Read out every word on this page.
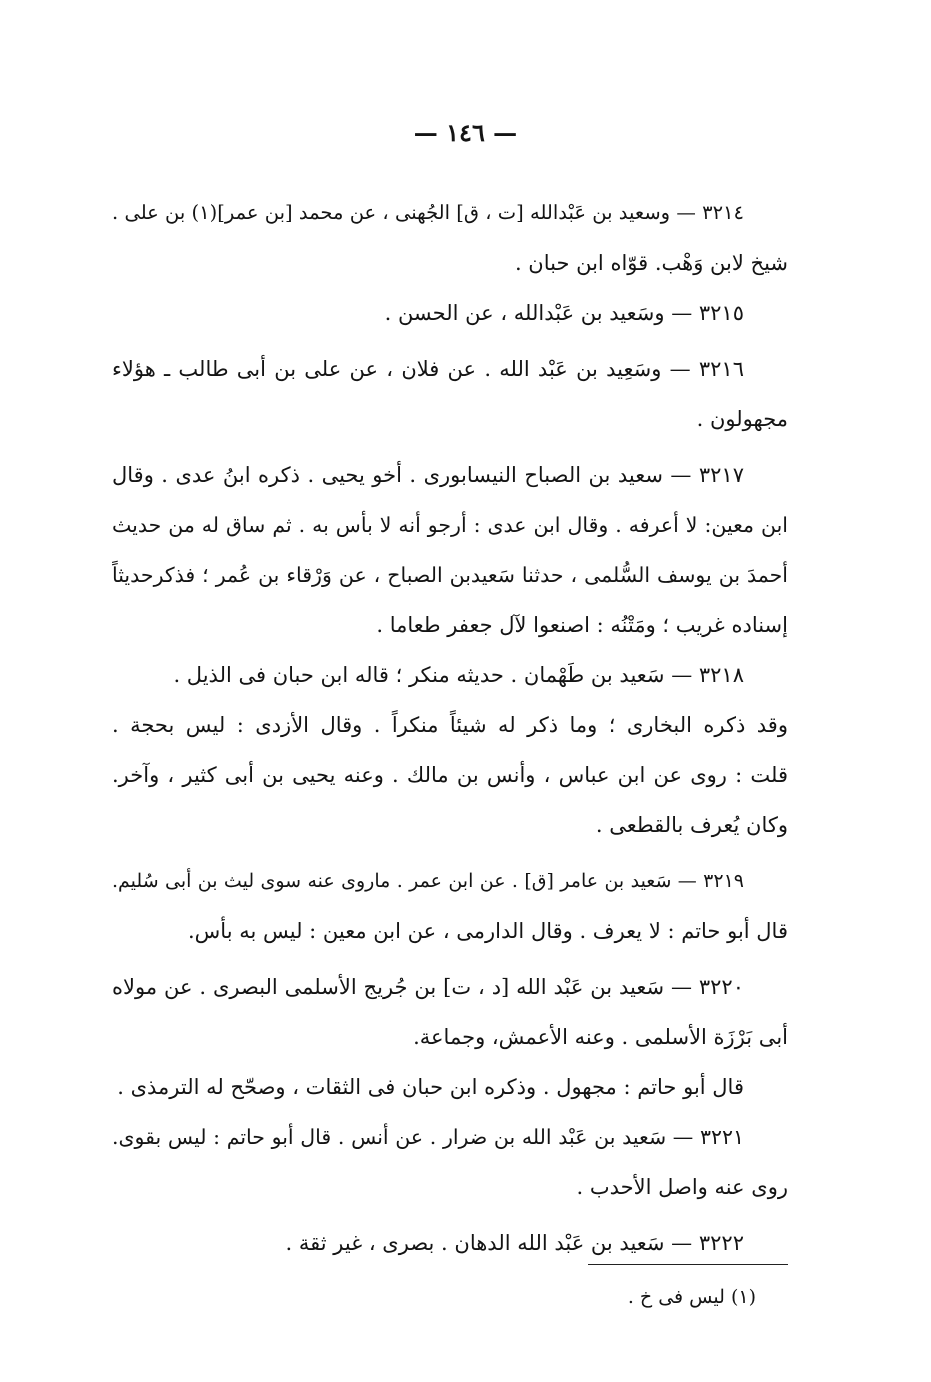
— ١٤٦ —
٣٢١٤ — وسعيد بن عَبْدالله [ت ، ق] الجُهنى ، عن محمد [بن عمر](١) بن على .
شيخ لابن وَهْب. قوّاه ابن حبان .
٣٢١٥ — وسَعيد بن عَبْدالله ، عن الحسن .
٣٢١٦ — وسَعِيد بن عَبْد الله . عن فلان ، عن على بن أبى طالب ـ هؤلاء
مجهولون .
٣٢١٧ — سعيد بن الصباح النيسابورى . أخو يحيى . ذكره ابنُ عدى . وقال
ابن معين: لا أعرفه . وقال ابن عدى : أرجو أنه لا بأس به . ثم ساق له من حديث
أحمدَ بن يوسف السُّلمى ، حدثنا سَعيدبن الصباح ، عن وَرْقاء بن عُمر ؛ فذكرحديثاً
إسناده غريب ؛ ومَتْنُه : اصنعوا لآل جعفر طعاما .
٣٢١٨ — سَعيد بن طَهْمان . حديثه منكر ؛ قاله ابن حبان فى الذيل .
وقد ذكره البخارى ؛ وما ذكر له شيئاً منكراً . وقال الأزدى : ليس بحجة .
قلت : روى عن ابن عباس ، وأنس بن مالك . وعنه يحيى بن أبى كثير ، وآخر.
وكان يُعرف بالقطعى .
٣٢١٩ — سَعيد بن عامر [ق] . عن ابن عمر . ماروى عنه سوى ليث بن أبى سُليم.
قال أبو حاتم : لا يعرف . وقال الدارمى ، عن ابن معين : ليس به بأس.
٣٢٢٠ — سَعيد بن عَبْد الله [د ، ت] بن جُريج الأسلمى البصرى . عن مولاه
أبى بَرْزَة الأسلمى . وعنه الأعمش، وجماعة.
قال أبو حاتم : مجهول . وذكره ابن حبان فى الثقات ، وصحّح له الترمذى .
٣٢٢١ — سَعيد بن عَبْد الله بن ضرار . عن أنس . قال أبو حاتم : ليس بقوى.
روى عنه واصل الأحدب .
٣٢٢٢ — سَعيد بن عَبْد الله الدهان . بصرى ، غير ثقة .
(١) ليس فى خ .
